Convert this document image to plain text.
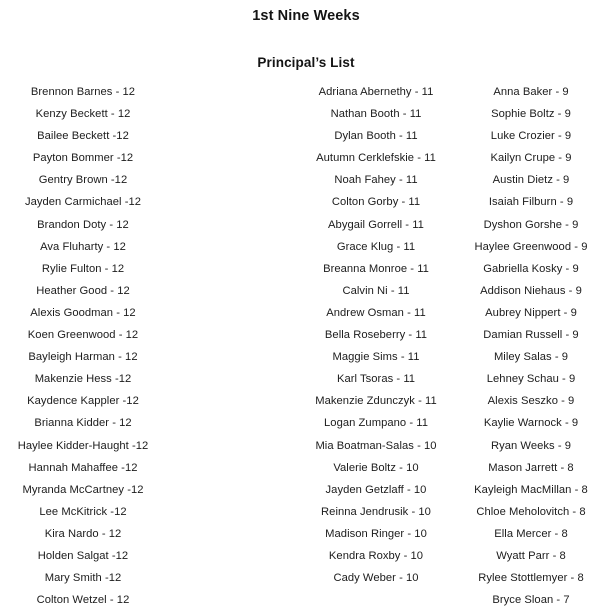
1st Nine Weeks
Principal’s List
Brennon Barnes - 12
Kenzy Beckett - 12
Bailee Beckett -12
Payton Bommer -12
Gentry Brown -12
Jayden Carmichael -12
Brandon Doty - 12
Ava Fluharty - 12
Rylie Fulton - 12
Heather Good - 12
Alexis Goodman - 12
Koen Greenwood - 12
Bayleigh Harman - 12
Makenzie Hess -12
Kaydence Kappler -12
Brianna Kidder - 12
Haylee Kidder-Haught -12
Hannah Mahaffee -12
Myranda McCartney -12
Lee McKitrick -12
Kira Nardo - 12
Holden Salgat -12
Mary Smith -12
Colton Wetzel - 12
Adriana Abernethy - 11
Nathan Booth - 11
Dylan Booth - 11
Autumn Cerklefskie - 11
Noah Fahey - 11
Colton Gorby - 11
Abygail Gorrell - 11
Grace Klug - 11
Breanna Monroe - 11
Calvin Ni - 11
Andrew Osman - 11
Bella Roseberry - 11
Maggie Sims - 11
Karl Tsoras - 11
Makenzie Zdunczyk - 11
Logan Zumpano - 11
Mia Boatman-Salas - 10
Valerie Boltz - 10
Jayden Getzlaff - 10
Reinna Jendrusik - 10
Madison Ringer - 10
Kendra Roxby - 10
Cady Weber - 10

Anna Baker - 9
Sophie Boltz - 9
Luke Crozier - 9
Kailyn Crupe - 9
Austin Dietz - 9
Isaiah Filburn - 9
Dyshon Gorshe - 9
Haylee Greenwood - 9
Gabriella Kosky - 9
Addison Niehaus - 9
Aubrey Nippert - 9
Damian Russell - 9
Miley Salas - 9
Lehney Schau - 9
Alexis Seszko - 9
Kaylie Warnock - 9
Ryan Weeks - 9
Mason Jarrett - 8
Kayleigh MacMillan - 8
Chloe Meholovitch - 8
Ella Mercer - 8
Wyatt Parr - 8
Rylee Stottlemyer - 8
Bryce Sloan - 7
